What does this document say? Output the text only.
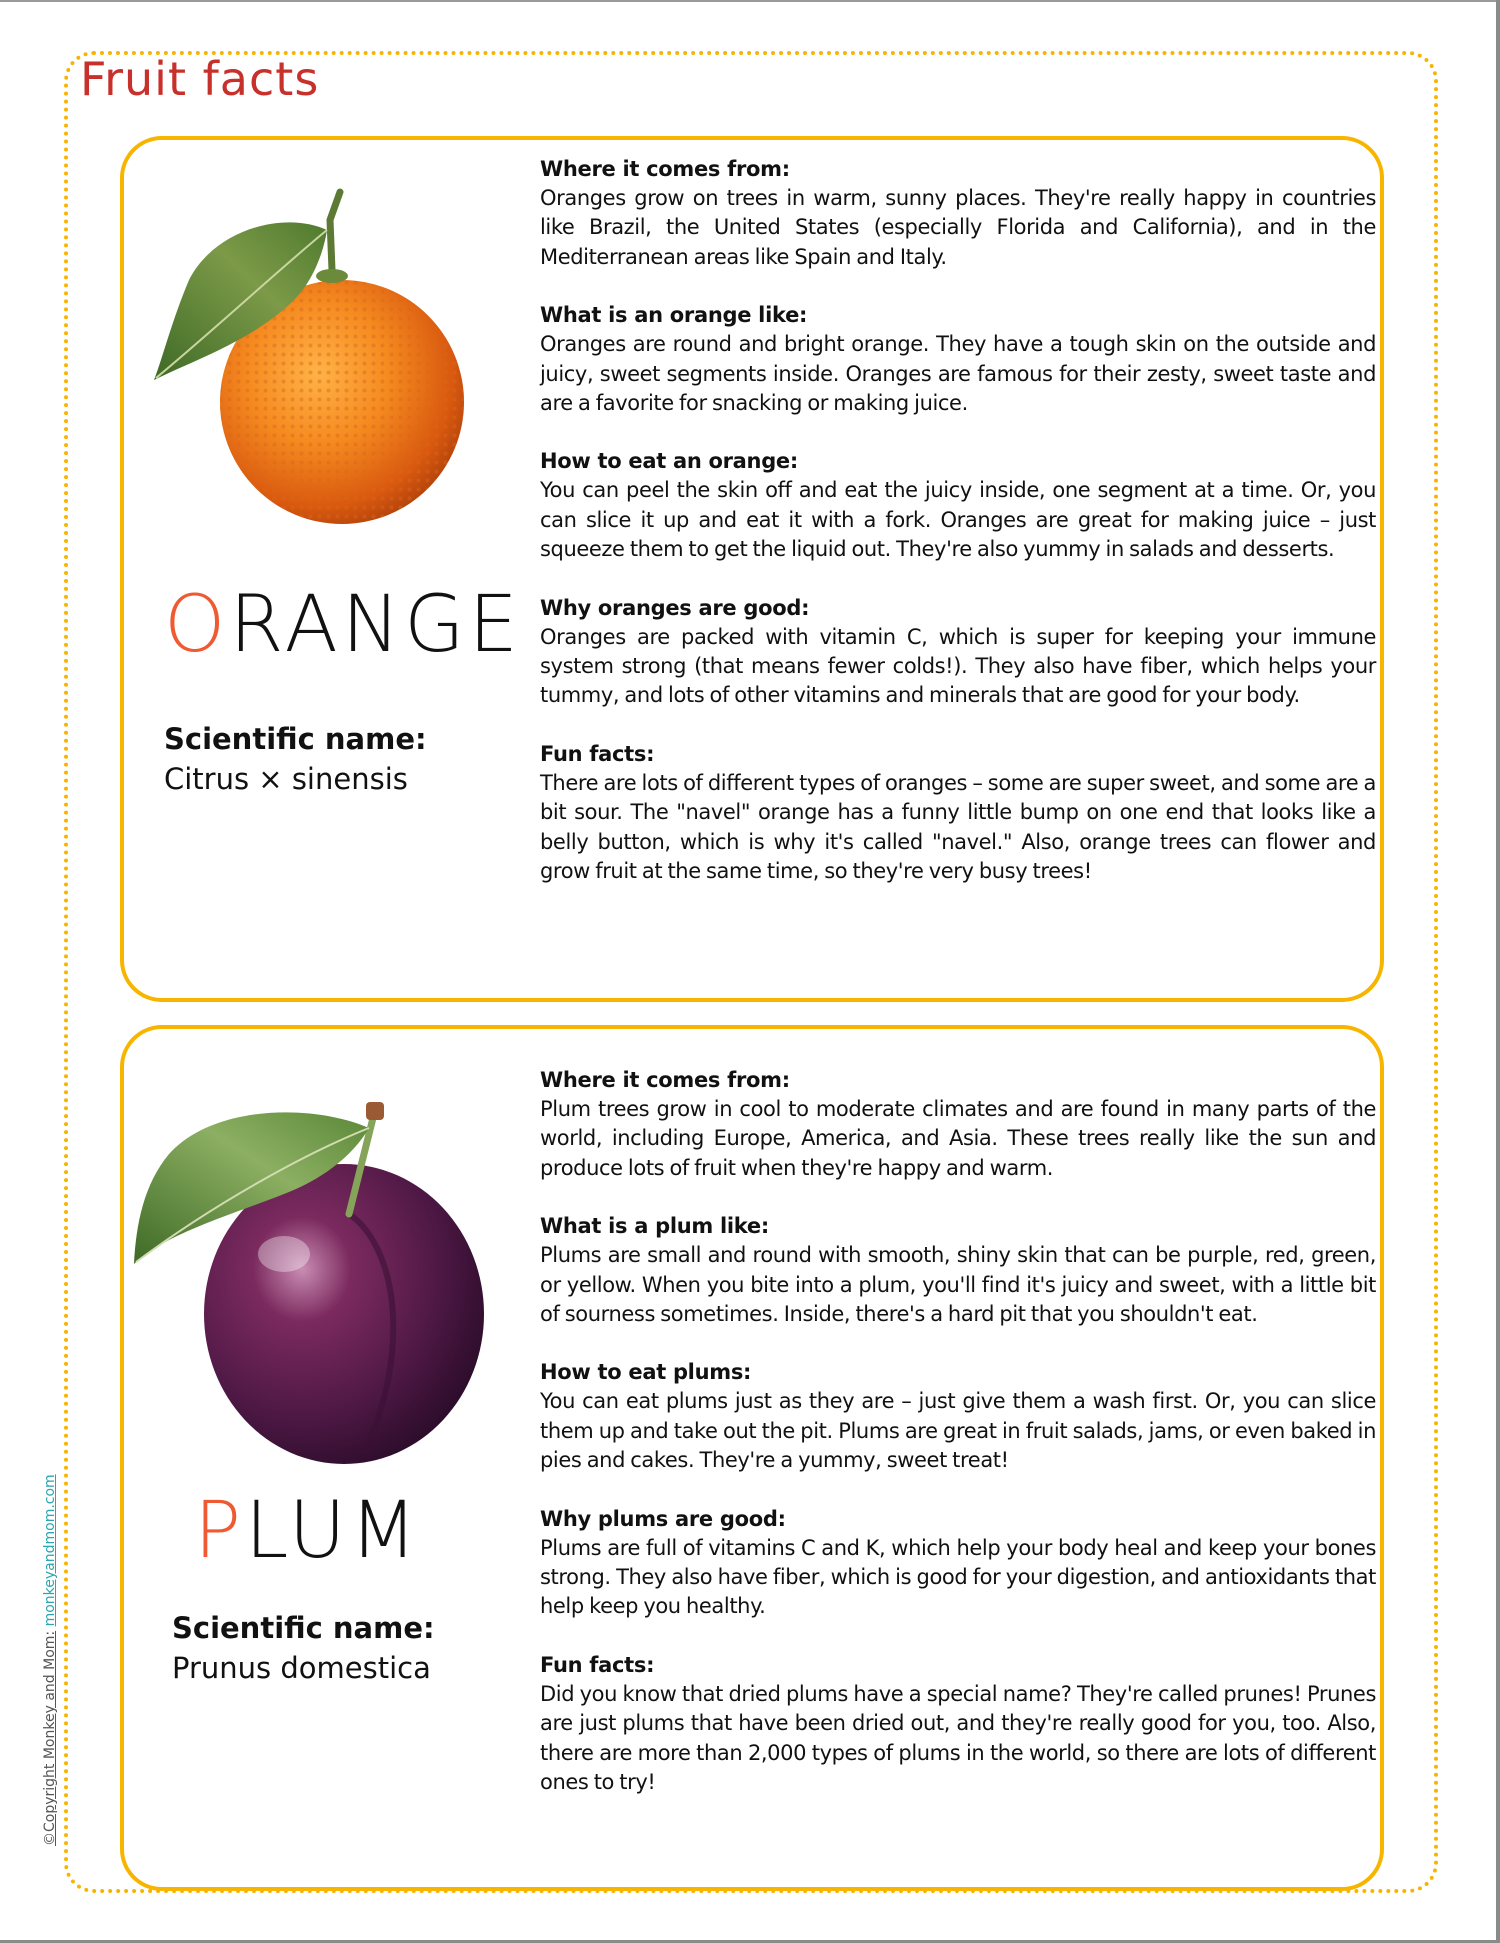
Fruit facts
ORANGE
Scientific name:
Citrus × sinensis
Where it comes from:
Oranges grow on trees in warm, sunny places. They're really happy in countries like Brazil, the United States (especially Florida and California), and in the Mediterranean areas like Spain and Italy.
What is an orange like:
Oranges are round and bright orange. They have a tough skin on the outside and juicy, sweet segments inside. Oranges are famous for their zesty, sweet taste and are a favorite for snacking or making juice.
How to eat an orange:
You can peel the skin off and eat the juicy inside, one segment at a time. Or, you can slice it up and eat it with a fork. Oranges are great for making juice – just squeeze them to get the liquid out. They're also yummy in salads and desserts.
Why oranges are good:
Oranges are packed with vitamin C, which is super for keeping your immune system strong (that means fewer colds!). They also have fiber, which helps your tummy, and lots of other vitamins and minerals that are good for your body.
Fun facts:
There are lots of different types of oranges – some are super sweet, and some are a bit sour. The "navel" orange has a funny little bump on one end that looks like a belly button, which is why it's called "navel." Also, orange trees can flower and grow fruit at the same time, so they're very busy trees!
PLUM
Scientific name:
Prunus domestica
Where it comes from:
Plum trees grow in cool to moderate climates and are found in many parts of the world, including Europe, America, and Asia. These trees really like the sun and produce lots of fruit when they're happy and warm.
What is a plum like:
Plums are small and round with smooth, shiny skin that can be purple, red, green, or yellow. When you bite into a plum, you'll find it's juicy and sweet, with a little bit of sourness sometimes. Inside, there's a hard pit that you shouldn't eat.
How to eat plums:
You can eat plums just as they are – just give them a wash first. Or, you can slice them up and take out the pit. Plums are great in fruit salads, jams, or even baked in pies and cakes. They're a yummy, sweet treat!
Why plums are good:
Plums are full of vitamins C and K, which help your body heal and keep your bones strong. They also have fiber, which is good for your digestion, and antioxidants that help keep you healthy.
Fun facts:
Did you know that dried plums have a special name? They're called prunes! Prunes are just plums that have been dried out, and they're really good for you, too. Also, there are more than 2,000 types of plums in the world, so there are lots of different ones to try!
©Copyright Monkey and Mom: monkeyandmom.com
